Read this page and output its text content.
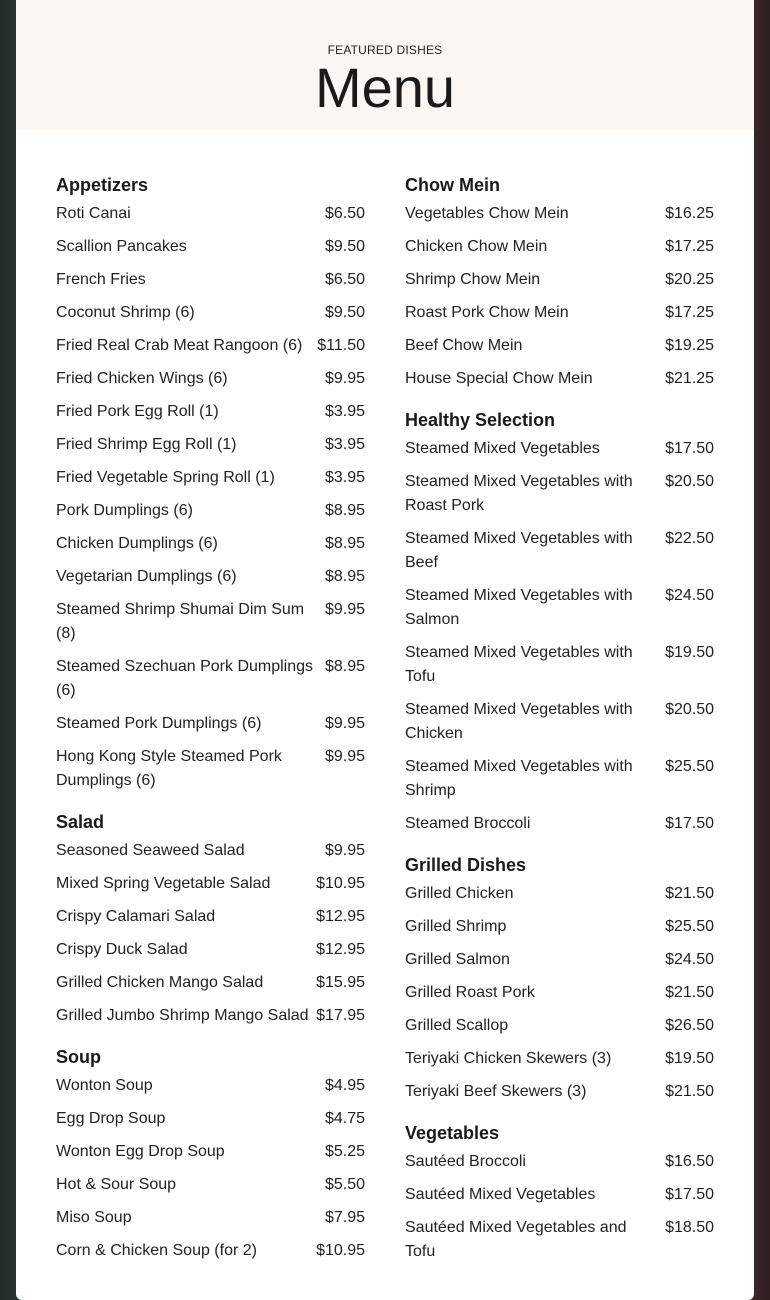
FEATURED DISHES
Menu
Appetizers
Roti Canai	$6.50
Scallion Pancakes	$9.50
French Fries	$6.50
Coconut Shrimp (6)	$9.50
Fried Real Crab Meat Rangoon (6) $11.50
Fried Chicken Wings (6)	$9.95
Fried Pork Egg Roll (1)	$3.95
Fried Shrimp Egg Roll (1)	$3.95
Fried Vegetable Spring Roll (1)	$3.95
Pork Dumplings (6)	$8.95
Chicken Dumplings (6)	$8.95
Vegetarian Dumplings (6)	$8.95
Steamed Shrimp Shumai Dim Sum (8)
$9.95
Steamed Szechuan Pork Dumplings (6)
$8.95
Steamed Pork Dumplings (6)	$9.95
Hong Kong Style Steamed Pork Dumplings (6)
$9.95
Salad
Seasoned Seaweed Salad	$9.95
Mixed Spring Vegetable Salad	$10.95
Crispy Calamari Salad	$12.95
Crispy Duck Salad	$12.95
Grilled Chicken Mango Salad	$15.95
Grilled Jumbo Shrimp Mango Salad $17.95
Soup
Wonton Soup	$4.95
Egg Drop Soup	$4.75
Wonton Egg Drop Soup	$5.25
Hot & Sour Soup	$5.50
Miso Soup	$7.95
Corn & Chicken Soup (for 2)	$10.95
Chow Mein
Vegetables Chow Mein	$16.25
Chicken Chow Mein	$17.25
Shrimp Chow Mein	$20.25
Roast Pork Chow Mein	$17.25
Beef Chow Mein	$19.25
House Special Chow Mein	$21.25
Healthy Selection
Steamed Mixed Vegetables	$17.50
Steamed Mixed Vegetables with Roast Pork
$20.50
Steamed Mixed Vegetables with Beef
$22.50
Steamed Mixed Vegetables with Salmon
$24.50
Steamed Mixed Vegetables with Tofu
$19.50
Steamed Mixed Vegetables with Chicken
$20.50
Steamed Mixed Vegetables with Shrimp
$25.50
Steamed Broccoli	$17.50
Grilled Dishes
Grilled Chicken	$21.50
Grilled Shrimp	$25.50
Grilled Salmon	$24.50
Grilled Roast Pork	$21.50
Grilled Scallop	$26.50
Teriyaki Chicken Skewers (3)	$19.50
Teriyaki Beef Skewers (3)	$21.50
Vegetables
Sautéed Broccoli	$16.50
Sautéed Mixed Vegetables	$17.50
Sautéed Mixed Vegetables and Tofu
$18.50
